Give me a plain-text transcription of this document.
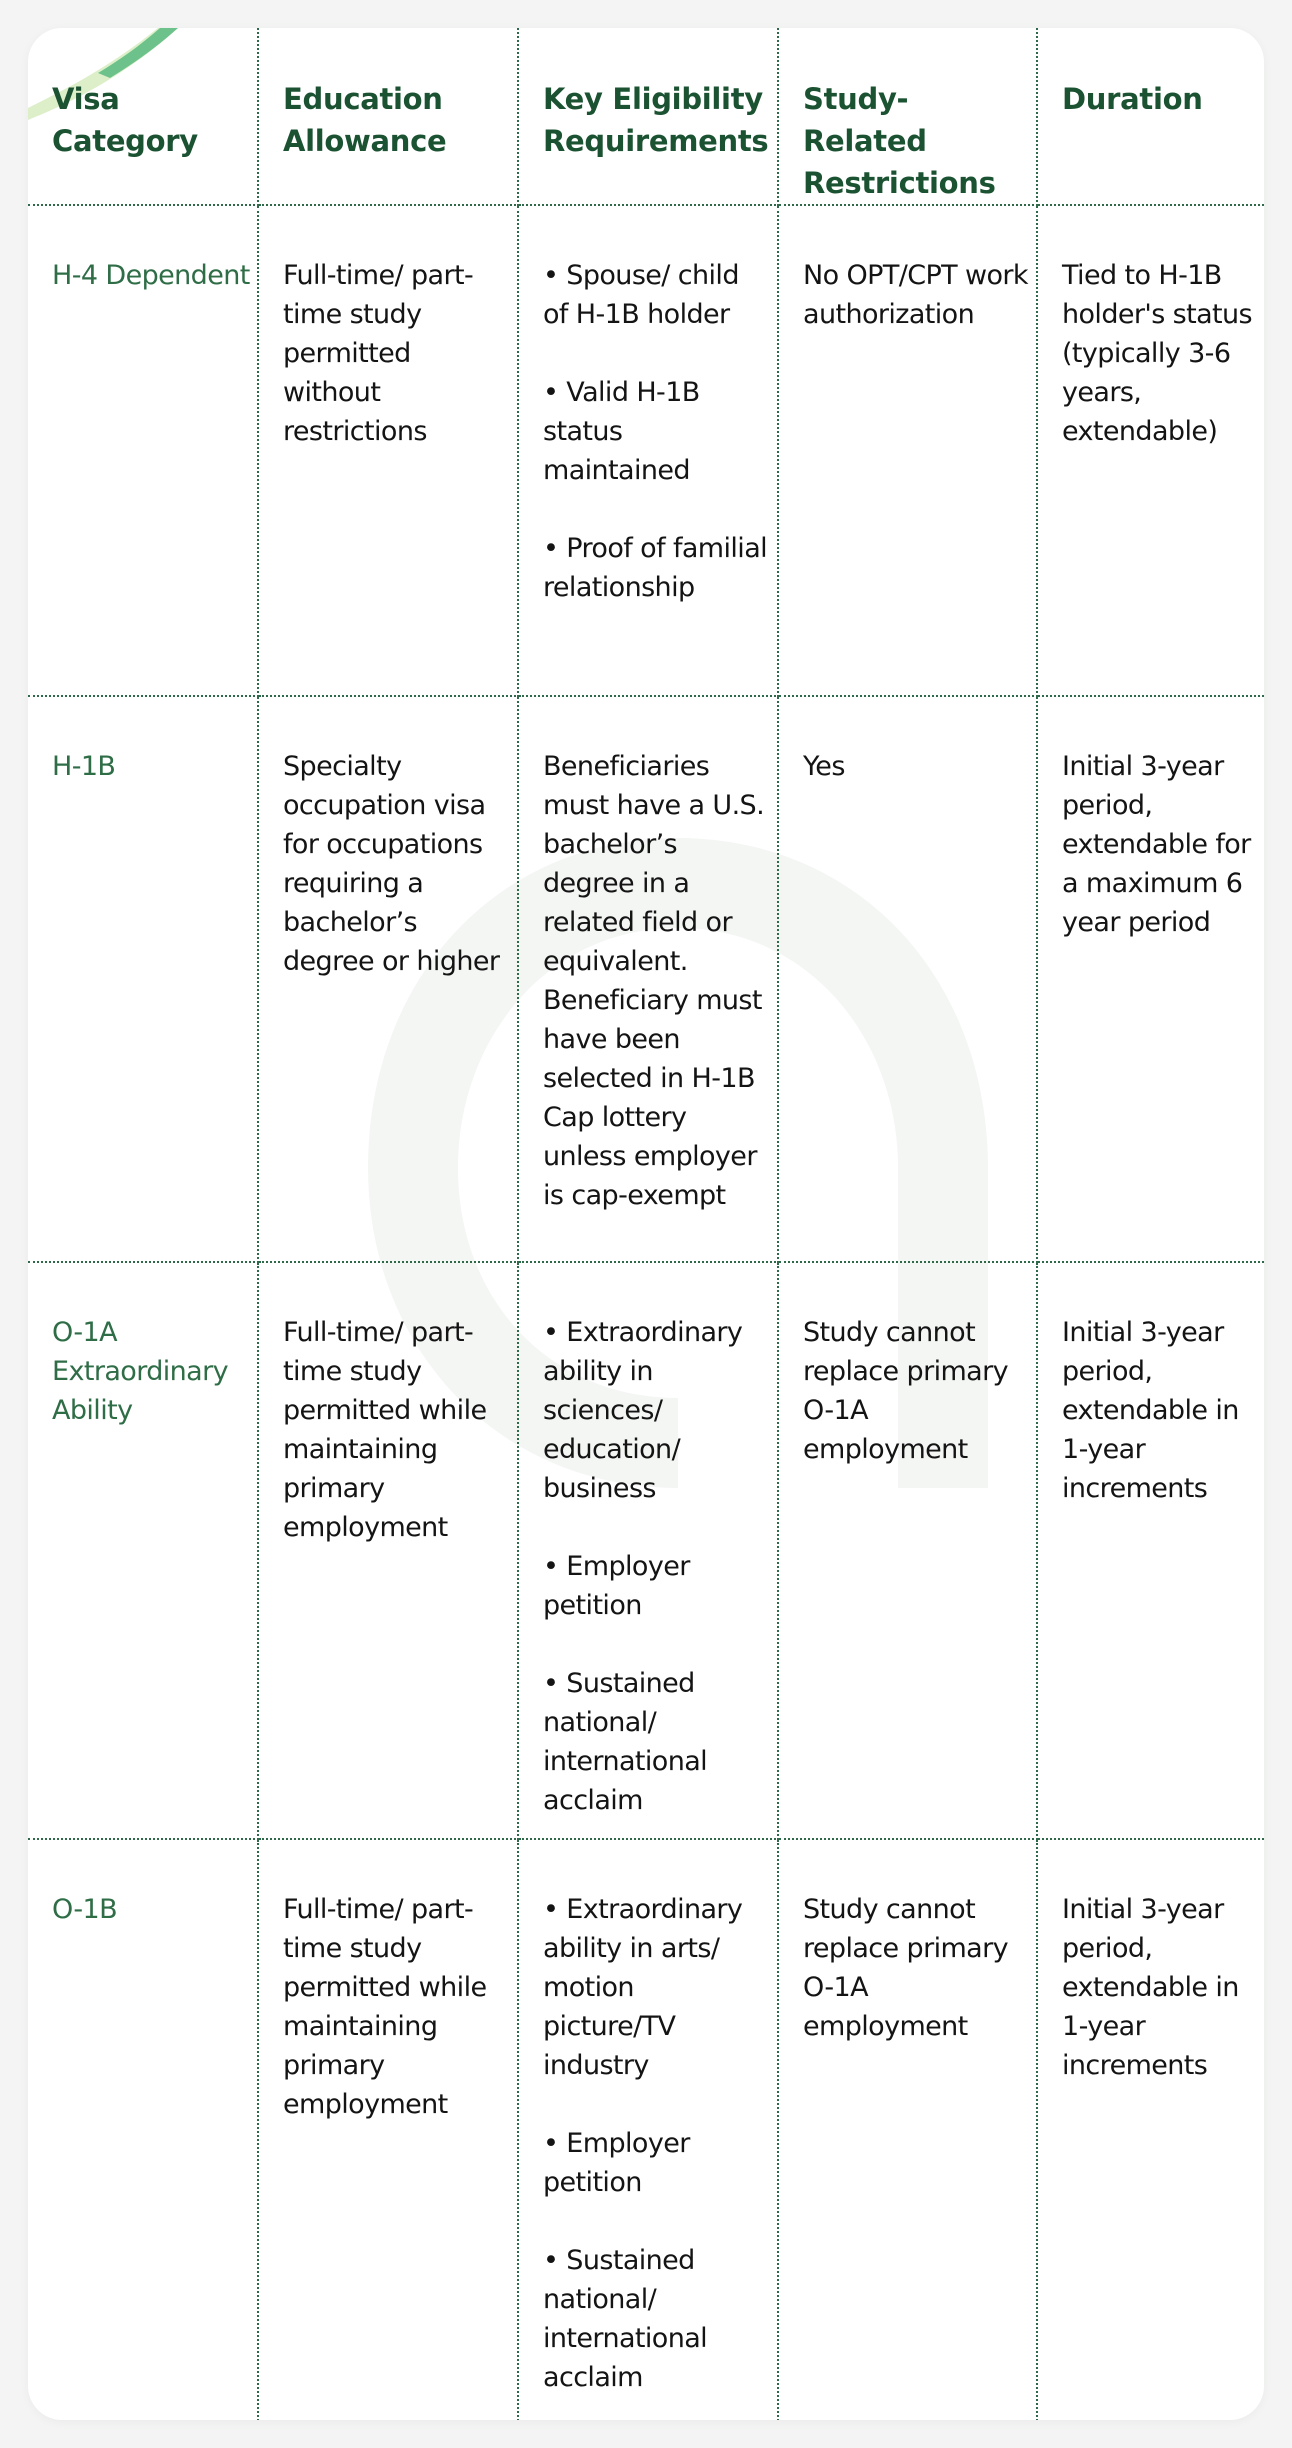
Visa Category	Education Allowance	Key Eligibility Requirements	Study-Related Restrictions	Duration
H-4 Dependent	Full-time/ part-time study permitted without restrictions	• Spouse/ child of H-1B holder
• Valid H-1B status maintained
• Proof of familial relationship	No OPT/CPT work authorization	Tied to H-1B holder's status (typically 3-6 years, extendable)
H-1B	Specialty occupation visa for occupations requiring a bachelor’s degree or higher	Beneficiaries must have a U.S. bachelor’s degree in a related field or equivalent. Beneficiary must have been selected in H-1B Cap lottery unless employer is cap-exempt	Yes	Initial 3-year period, extendable for a maximum 6 year period
O-1A Extraordinary Ability	Full-time/ part-time study permitted while maintaining primary employment	• Extraordinary ability in sciences/ education/ business
• Employer petition
• Sustained national/ international acclaim	Study cannot replace primary O-1A employment	Initial 3-year period, extendable in 1-year increments
O-1B	Full-time/ part-time study permitted while maintaining primary employment	• Extraordinary ability in arts/ motion picture/TV industry
• Employer petition
• Sustained national/ international acclaim	Study cannot replace primary O-1A employment	Initial 3-year period, extendable in 1-year increments
